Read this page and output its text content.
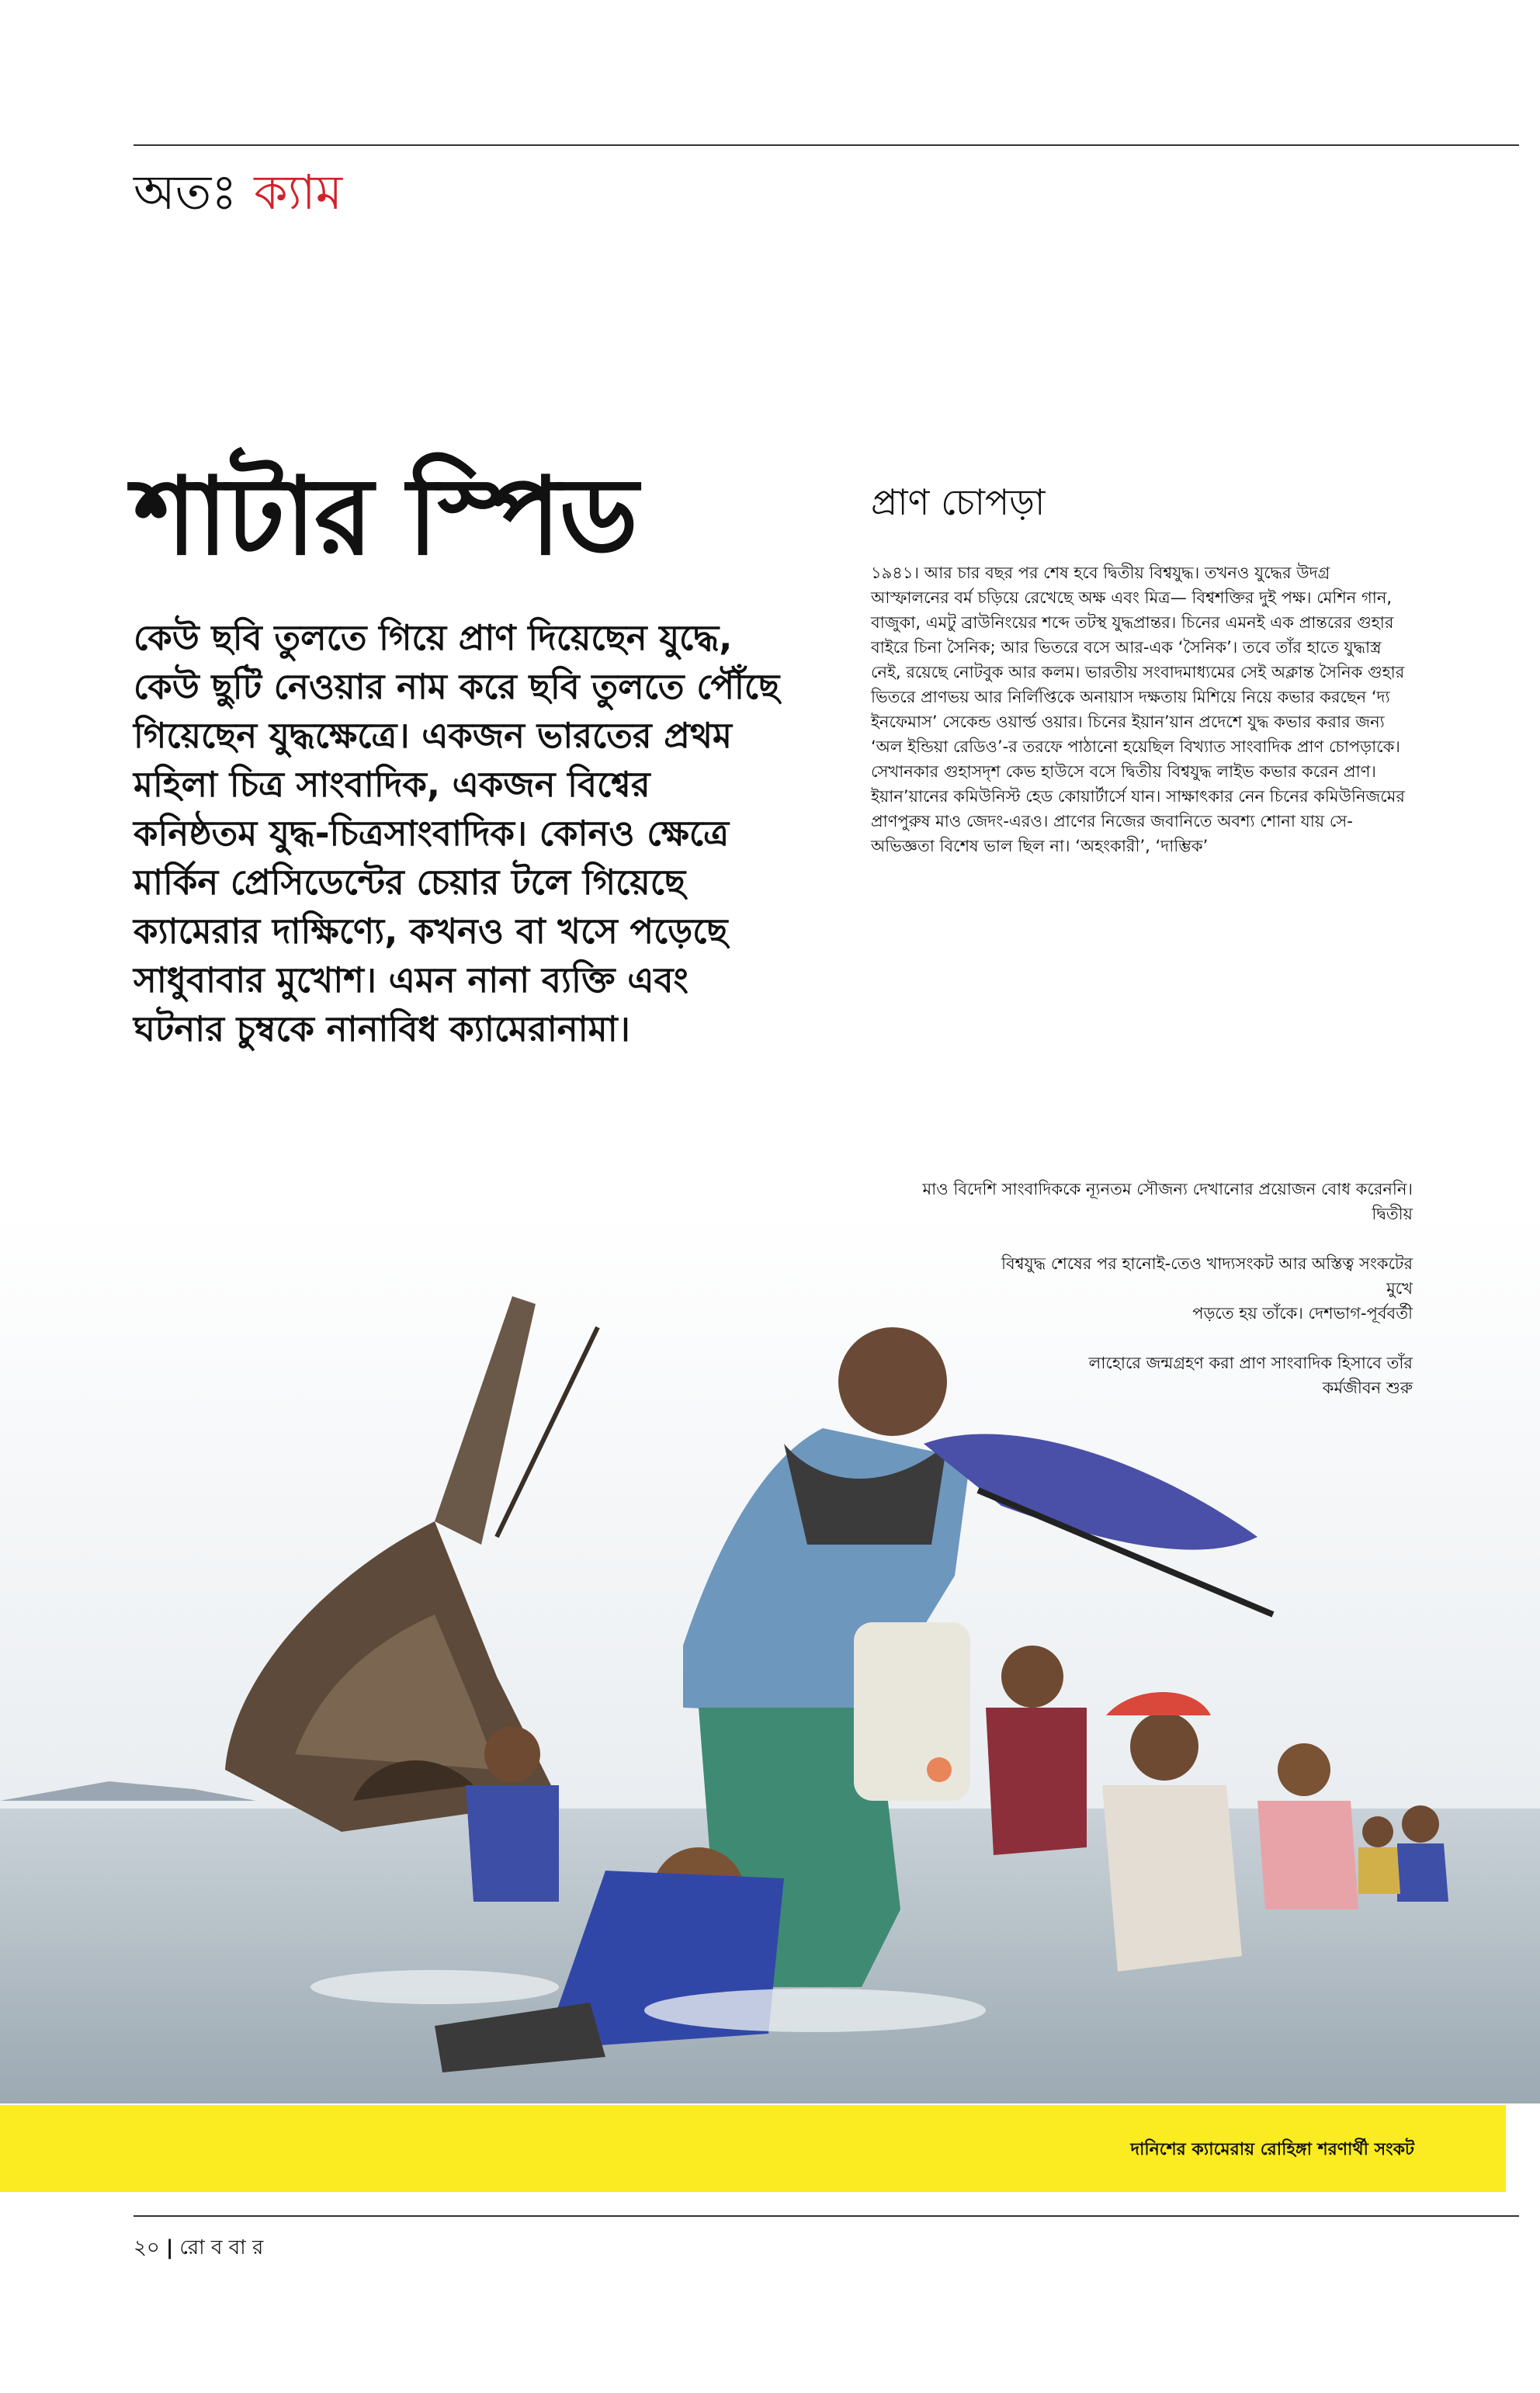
অতঃ ক্যাম
শাটার স্পিড

কেউ ছবি তুলতে গিয়ে প্রাণ দিয়েছেন যুদ্ধে, কেউ ছুটি নেওয়ার নাম করে ছবি তুলতে পৌঁছে গিয়েছেন যুদ্ধক্ষেত্রে। একজন ভারতের প্রথম মহিলা চিত্র সাংবাদিক, একজন বিশ্বের কনিষ্ঠতম যুদ্ধ-চিত্রসাংবাদিক। কোনও ক্ষেত্রে মার্কিন প্রেসিডেন্টের চেয়ার টলে গিয়েছে ক্যামেরার দাক্ষিণ্যে, কখনও বা খসে পড়েছে সাধুবাবার মুখোশ। এমন নানা ব্যক্তি এবং ঘটনার চুম্বকে নানাবিধ ক্যামেরানামা।

প্রাণ চোপড়া

১৯৪১। আর চার বছর পর শেষ হবে দ্বিতীয় বিশ্বযুদ্ধ। তখনও যুদ্ধের উদগ্র আস্ফালনের বর্ম চড়িয়ে রেখেছে অক্ষ এবং মিত্র— বিশ্বশক্তির দুই পক্ষ। মেশিন গান, বাজুকা, এমটু ব্রাউনিংয়ের শব্দে তটস্থ যুদ্ধপ্রান্তর। চিনের এমনই এক প্রান্তরের গুহার বাইরে চিনা সৈনিক; আর ভিতরে বসে আর-এক ‘সৈনিক’। তবে তাঁর হাতে যুদ্ধাস্ত্র নেই, রয়েছে নোটবুক আর কলম। ভারতীয় সংবাদমাধ্যমের সেই অক্লান্ত সৈনিক গুহার ভিতরে প্রাণভয় আর নির্লিপ্তিকে অনায়াস দক্ষতায় মিশিয়ে নিয়ে কভার করছেন ‘দ্য ইনফেমাস’ সেকেন্ড ওয়ার্ল্ড ওয়ার। চিনের ইয়ান’য়ান প্রদেশে যুদ্ধ কভার করার জন্য ‘অল ইন্ডিয়া রেডিও’-র তরফে পাঠানো হয়েছিল বিখ্যাত সাংবাদিক প্রাণ চোপড়াকে। সেখানকার গুহাসদৃশ কেভ হাউসে বসে দ্বিতীয় বিশ্বযুদ্ধ লাইভ কভার করেন প্রাণ। ইয়ান’য়ানের কমিউনিস্ট হেড কোয়ার্টার্সে যান। সাক্ষাৎকার নেন চিনের কমিউনিজমের প্রাণপুরুষ মাও জেদং-এরও। প্রাণের নিজের জবানিতে অবশ্য শোনা যায় সে-অভিজ্ঞতা বিশেষ ভাল ছিল না। ‘অহংকারী’, ‘দাম্ভিক’

মাও বিদেশি সাংবাদিককে ন্যূনতম সৌজন্য দেখানোর প্রয়োজন বোধ করেননি। দ্বিতীয়
বিশ্বযুদ্ধ শেষের পর হানোই-তেও খাদ্যসংকট আর অস্তিত্ব সংকটের মুখে
পড়তে হয় তাঁকে। দেশভাগ-পূর্ববর্তী
লাহোরে জন্মগ্রহণ করা প্রাণ সাংবাদিক হিসাবে তাঁর কর্মজীবন শুরু
দানিশের ক্যামেরায় রোহিঙ্গা শরণার্থী সংকট
২০ | রো ব বা র
